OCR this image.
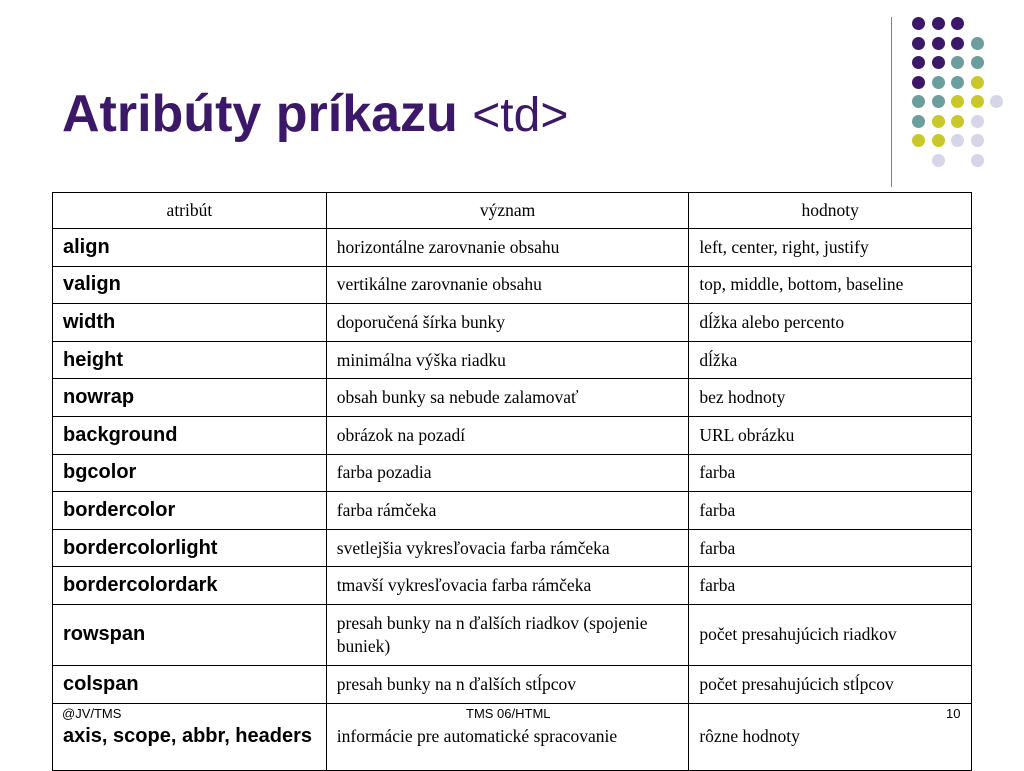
Atribúty príkazu <td>
atribút	význam	hodnoty
align	horizontálne zarovnanie obsahu	left, center, right, justify
valign	vertikálne zarovnanie obsahu	top, middle, bottom, baseline
width	doporučená šírka bunky	dĺžka alebo percento
height	minimálna výška riadku	dĺžka
nowrap	obsah bunky sa nebude zalamovať	bez hodnoty
background	obrázok na pozadí	URL obrázku
bgcolor	farba pozadia	farba
bordercolor	farba rámčeka	farba
bordercolorlight	svetlejšia vykresľovacia farba rámčeka	farba
bordercolordark	tmavší vykresľovacia farba rámčeka	farba
rowspan	presah bunky na n ďalších riadkov (spojenie buniek)	počet presahujúcich riadkov
colspan	presah bunky na n ďalších stĺpcov	počet presahujúcich stĺpcov
axis, scope, abbr, headers	informácie pre automatické spracovanie	rôzne hodnoty
@JV/TMS	TMS 06/HTML	10
